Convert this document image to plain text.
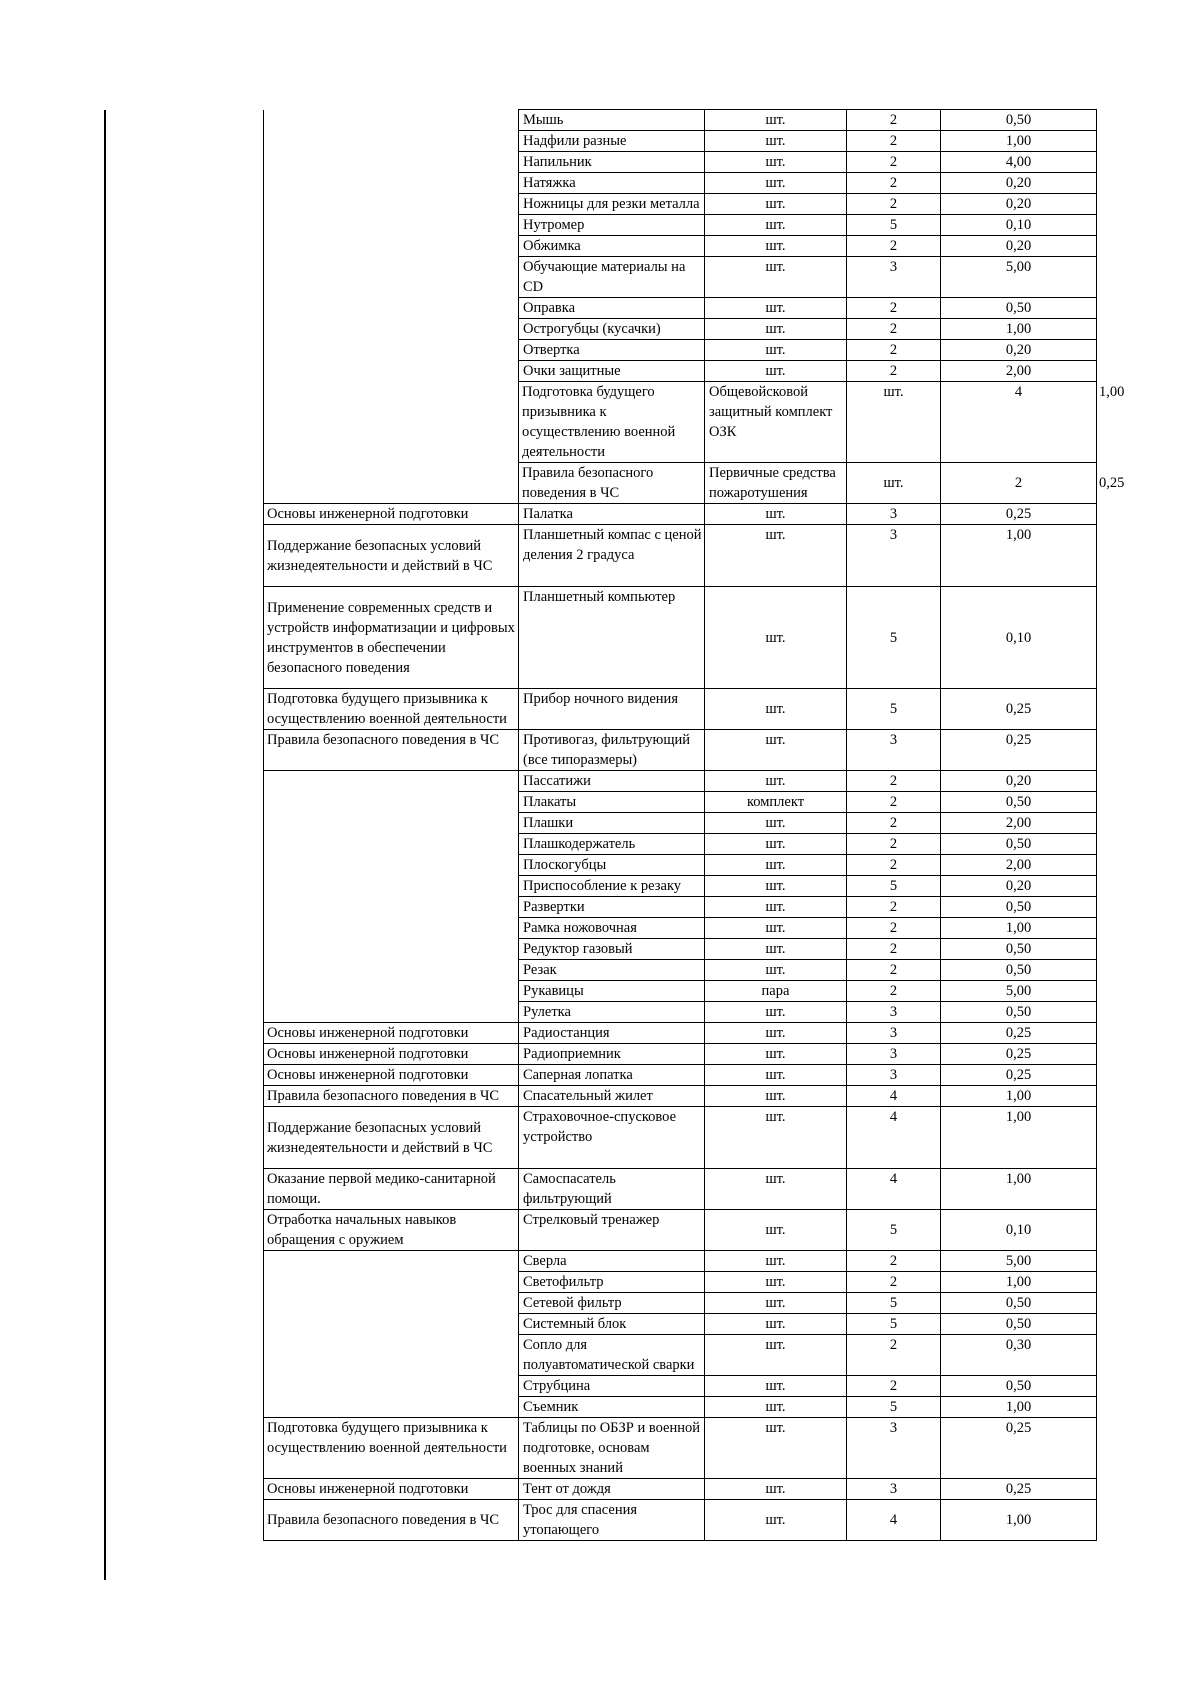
	Мышь	шт.	2	0,50	
	Надфили разные	шт.	2	1,00	
	Напильник	шт.	2	4,00	
	Натяжка	шт.	2	0,20	
	Ножницы для резки металла	шт.	2	0,20	
	Нутромер	шт.	5	0,10	
	Обжимка	шт.	2	0,20	
	Обучающие материалы на CD	шт.	3	5,00	
	Оправка	шт.	2	0,50	
	Острогубцы (кусачки)	шт.	2	1,00	
	Отвертка	шт.	2	0,20	
	Очки защитные	шт.	2	2,00	
	Подготовка будущего призывника к осуществлению военной деятельности	Общевойсковой защитный комплект ОЗК	шт.	4	1,00
	Правила безопасного поведения в ЧС	Первичные средства пожаротушения	шт.	2	0,25
Основы инженерной подготовки	Палатка	шт.	3	0,25	
Поддержание безопасных условий жизнедеятельности и действий в ЧС	Планшетный компас с ценой деления 2 градуса	шт.	3	1,00	
Применение современных средств и устройств информатизации и цифровых инструментов в обеспечении безопасного поведения	Планшетный компьютер	шт.	5	0,10	
Подготовка будущего призывника к осуществлению военной деятельности	Прибор ночного видения	шт.	5	0,25	
Правила безопасного поведения в ЧС	Противогаз, фильтрующий (все типоразмеры)	шт.	3	0,25	
	Пассатижи	шт.	2	0,20	
	Плакаты	комплект	2	0,50	
	Плашки	шт.	2	2,00	
	Плашкодержатель	шт.	2	0,50	
	Плоскогубцы	шт.	2	2,00	
	Приспособление к резаку	шт.	5	0,20	
	Развертки	шт.	2	0,50	
	Рамка ножовочная	шт.	2	1,00	
	Редуктор газовый	шт.	2	0,50	
	Резак	шт.	2	0,50	
	Рукавицы	пара	2	5,00	
	Рулетка	шт.	3	0,50	
Основы инженерной подготовки	Радиостанция	шт.	3	0,25	
Основы инженерной подготовки	Радиоприемник	шт.	3	0,25	
Основы инженерной подготовки	Саперная лопатка	шт.	3	0,25	
Правила безопасного поведения в ЧС	Спасательный жилет	шт.	4	1,00	
Поддержание безопасных условий жизнедеятельности и действий в ЧС	Страховочное-спусковое устройство	шт.	4	1,00	
Оказание первой медико-санитарной помощи.	Самоспасатель фильтрующий	шт.	4	1,00	
Отработка начальных навыков обращения с оружием	Стрелковый тренажер	шт.	5	0,10	
	Сверла	шт.	2	5,00	
	Светофильтр	шт.	2	1,00	
	Сетевой фильтр	шт.	5	0,50	
	Системный блок	шт.	5	0,50	
	Сопло для полуавтоматической сварки	шт.	2	0,30	
	Струбцина	шт.	2	0,50	
	Съемник	шт.	5	1,00	
Подготовка будущего призывника к осуществлению военной деятельности	Таблицы по ОБЗР и военной подготовке, основам военных знаний	шт.	3	0,25	
Основы инженерной подготовки	Тент от дождя	шт.	3	0,25	
Правила безопасного поведения в ЧС	Трос для спасения утопающего	шт.	4	1,00	
